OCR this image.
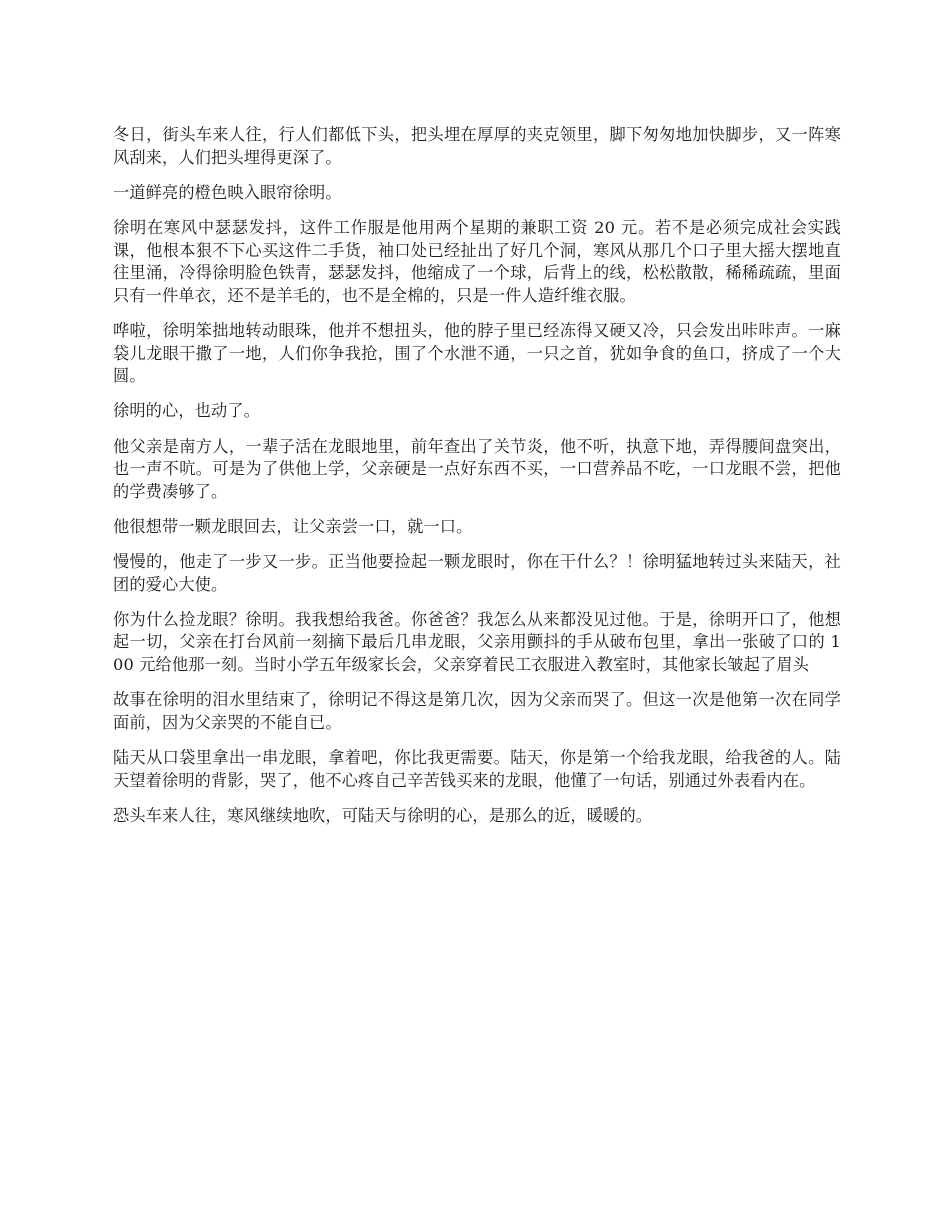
冬日，街头车来人往，行人们都低下头，把头埋在厚厚的夹克领里，脚下匆匆地加快脚步，又一阵寒风刮来，人们把头埋得更深了。

一道鲜亮的橙色映入眼帘徐明。

徐明在寒风中瑟瑟发抖，这件工作服是他用两个星期的兼职工资 20 元。若不是必须完成社会实践课，他根本狠不下心买这件二手货，袖口处已经扯出了好几个洞，寒风从那几个口子里大摇大摆地直往里涌，冷得徐明脸色铁青，瑟瑟发抖，他缩成了一个球，后背上的线，松松散散，稀稀疏疏，里面只有一件单衣，还不是羊毛的，也不是全棉的，只是一件人造纤维衣服。

哗啦，徐明笨拙地转动眼珠，他并不想扭头，他的脖子里已经冻得又硬又冷，只会发出咔咔声。一麻袋儿龙眼干撒了一地，人们你争我抢，围了个水泄不通，一只之首，犹如争食的鱼口，挤成了一个大圆。

徐明的心，也动了。

他父亲是南方人，一辈子活在龙眼地里，前年查出了关节炎，他不听，执意下地，弄得腰间盘突出，也一声不吭。可是为了供他上学，父亲硬是一点好东西不买，一口营养品不吃，一口龙眼不尝，把他的学费凑够了。

他很想带一颗龙眼回去，让父亲尝一口，就一口。

慢慢的，他走了一步又一步。正当他要捡起一颗龙眼时，你在干什么？！徐明猛地转过头来陆天，社团的爱心大使。

你为什么捡龙眼？徐明。我我想给我爸。你爸爸？我怎么从来都没见过他。于是，徐明开口了，他想起一切，父亲在打台风前一刻摘下最后几串龙眼，父亲用颤抖的手从破布包里，拿出一张破了口的 100 元给他那一刻。当时小学五年级家长会，父亲穿着民工衣服进入教室时，其他家长皱起了眉头

故事在徐明的泪水里结束了，徐明记不得这是第几次，因为父亲而哭了。但这一次是他第一次在同学面前，因为父亲哭的不能自已。

陆天从口袋里拿出一串龙眼，拿着吧，你比我更需要。陆天，你是第一个给我龙眼，给我爸的人。陆天望着徐明的背影，哭了，他不心疼自己辛苦钱买来的龙眼，他懂了一句话，别通过外表看内在。

恐头车来人往，寒风继续地吹，可陆天与徐明的心，是那么的近，暖暖的。
